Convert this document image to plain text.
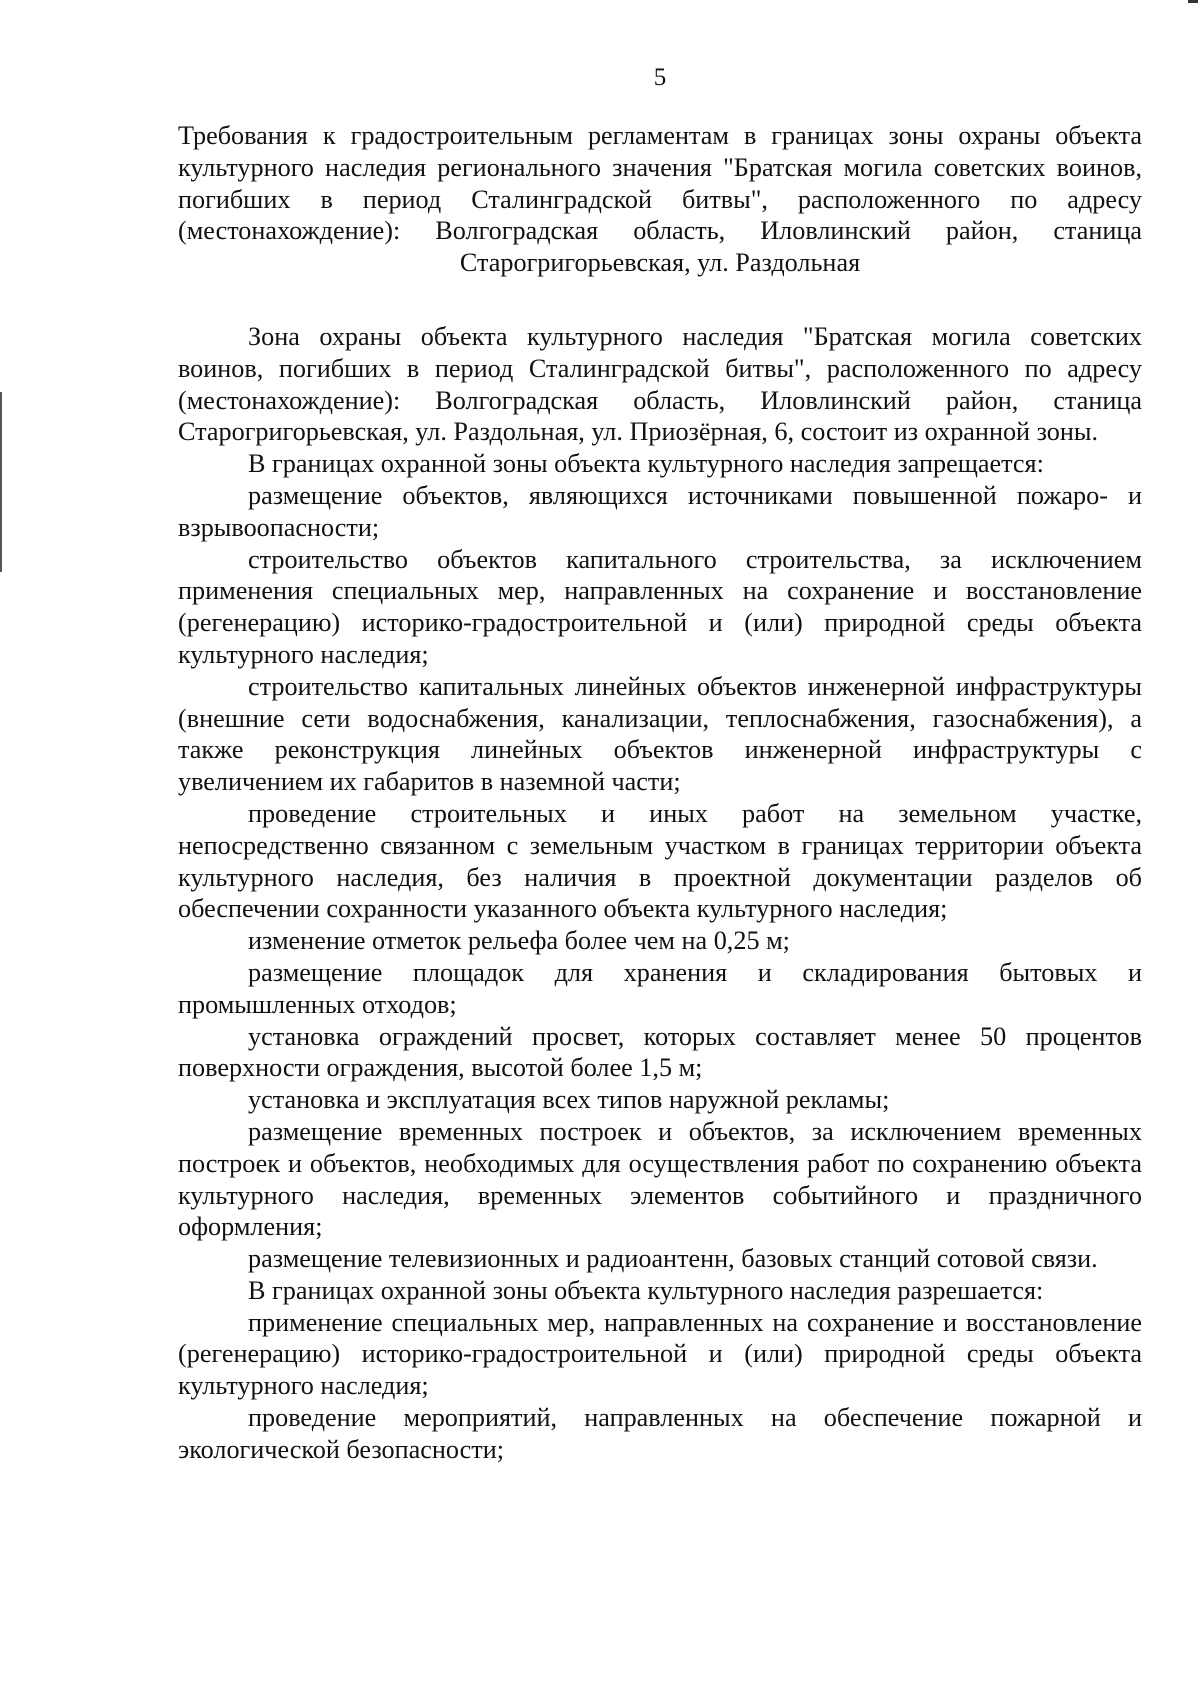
5

Требования к градостроительным регламентам в границах зоны охраны объекта культурного наследия регионального значения "Братская могила советских воинов, погибших в период Сталинградской битвы", расположенного по адресу (местонахождение): Волгоградская область, Иловлинский район, станица Старогригорьевская, ул. Раздольная

Зона охраны объекта культурного наследия "Братская могила советских воинов, погибших в период Сталинградской битвы", расположенного по адресу (местонахождение): Волгоградская область, Иловлинский район, станица Старогригорьевская, ул. Раздольная, ул. Приозёрная, 6, состоит из охранной зоны.

В границах охранной зоны объекта культурного наследия запрещается:

размещение объектов, являющихся источниками повышенной пожаро- и взрывоопасности;

строительство объектов капитального строительства, за исключением применения специальных мер, направленных на сохранение и восстановление (регенерацию) историко-градостроительной и (или) природной среды объекта культурного наследия;

строительство капитальных линейных объектов инженерной инфраструктуры (внешние сети водоснабжения, канализации, теплоснабжения, газоснабжения), а также реконструкция линейных объектов инженерной инфраструктуры с увеличением их габаритов в наземной части;

проведение строительных и иных работ на земельном участке, непосредственно связанном с земельным участком в границах территории объекта культурного наследия, без наличия в проектной документации разделов об обеспечении сохранности указанного объекта культурного наследия;

изменение отметок рельефа более чем на 0,25 м;

размещение площадок для хранения и складирования бытовых и промышленных отходов;

установка ограждений просвет, которых составляет менее 50 процентов поверхности ограждения, высотой более 1,5 м;

установка и эксплуатация всех типов наружной рекламы;

размещение временных построек и объектов, за исключением временных построек и объектов, необходимых для осуществления работ по сохранению объекта культурного наследия, временных элементов событийного и праздничного оформления;

размещение телевизионных и радиоантенн, базовых станций сотовой связи.

В границах охранной зоны объекта культурного наследия разрешается:

применение специальных мер, направленных на сохранение и восстановление (регенерацию) историко-градостроительной и (или) природной среды объекта культурного наследия;

проведение мероприятий, направленных на обеспечение пожарной и экологической безопасности;
